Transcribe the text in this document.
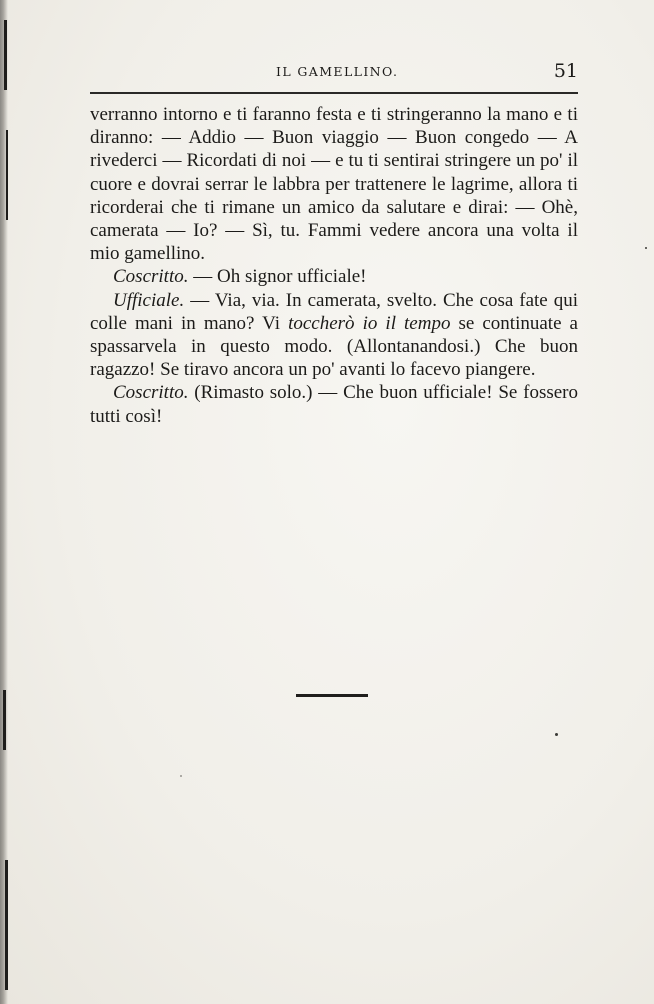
IL GAMELLINO.	51

verranno intorno e ti faranno festa e ti stringeranno la mano e ti diranno: — Addio — Buon viaggio — Buon congedo — A rivederci — Ricordati di noi — e tu ti sentirai stringere un po' il cuore e dovrai serrar le labbra per trattenere le lagrime, allora ti ricorderai che ti rimane un amico da salutare e dirai: — Ohè, camerata — Io? — Sì, tu. Fammi vedere ancora una volta il mio gamellino.

Coscritto. — Oh signor ufficiale!

Ufficiale. — Via, via. In camerata, svelto. Che cosa fate qui colle mani in mano? Vi toccherò io il tempo se continuate a spassarvela in questo modo. (Allontanandosi.) Che buon ragazzo! Se tiravo ancora un po' avanti lo facevo piangere.

Coscritto. (Rimasto solo.) — Che buon ufficiale! Se fossero tutti così!
